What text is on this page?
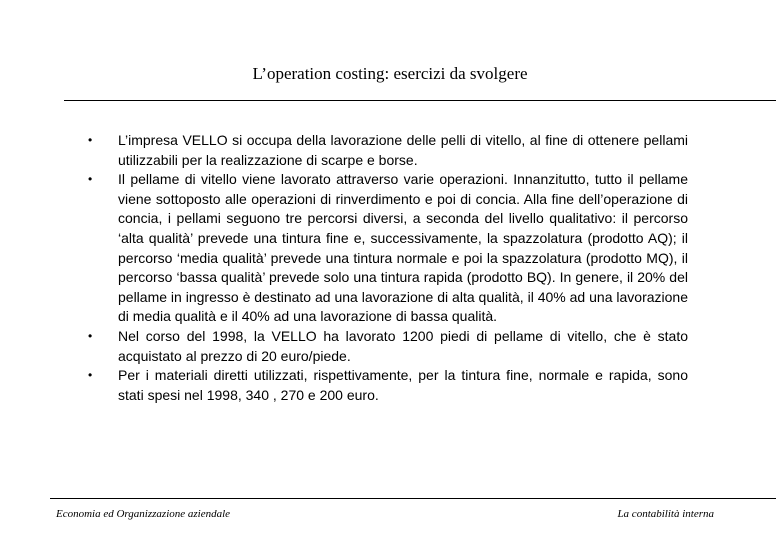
L’operation costing: esercizi da svolgere
• L’impresa VELLO si occupa della lavorazione delle pelli di vitello, al fine di ottenere pellami utilizzabili per la realizzazione di scarpe e borse.
• Il pellame di vitello viene lavorato attraverso varie operazioni. Innanzitutto, tutto il pellame viene sottoposto alle operazioni di rinverdimento e poi di concia. Alla fine dell’operazione di concia, i pellami seguono tre percorsi diversi, a seconda del livello qualitativo: il percorso ‘alta qualità’ prevede una tintura fine e, successivamente, la spazzolatura (prodotto AQ); il percorso ‘media qualità’ prevede una tintura normale e poi la spazzolatura (prodotto MQ), il percorso ‘bassa qualità’ prevede solo una tintura rapida (prodotto BQ). In genere, il 20% del pellame in ingresso è destinato ad una lavorazione di alta qualità, il 40% ad una lavorazione di media qualità e il 40% ad una lavorazione di bassa qualità.
• Nel corso del 1998, la VELLO ha lavorato 1200 piedi di pellame di vitello, che è stato acquistato al prezzo di 20 euro/piede.
• Per i materiali diretti utilizzati, rispettivamente, per la tintura fine, normale e rapida, sono stati spesi nel 1998, 340 , 270 e 200 euro.
Economia ed Organizzazione aziendale	La contabilità interna
